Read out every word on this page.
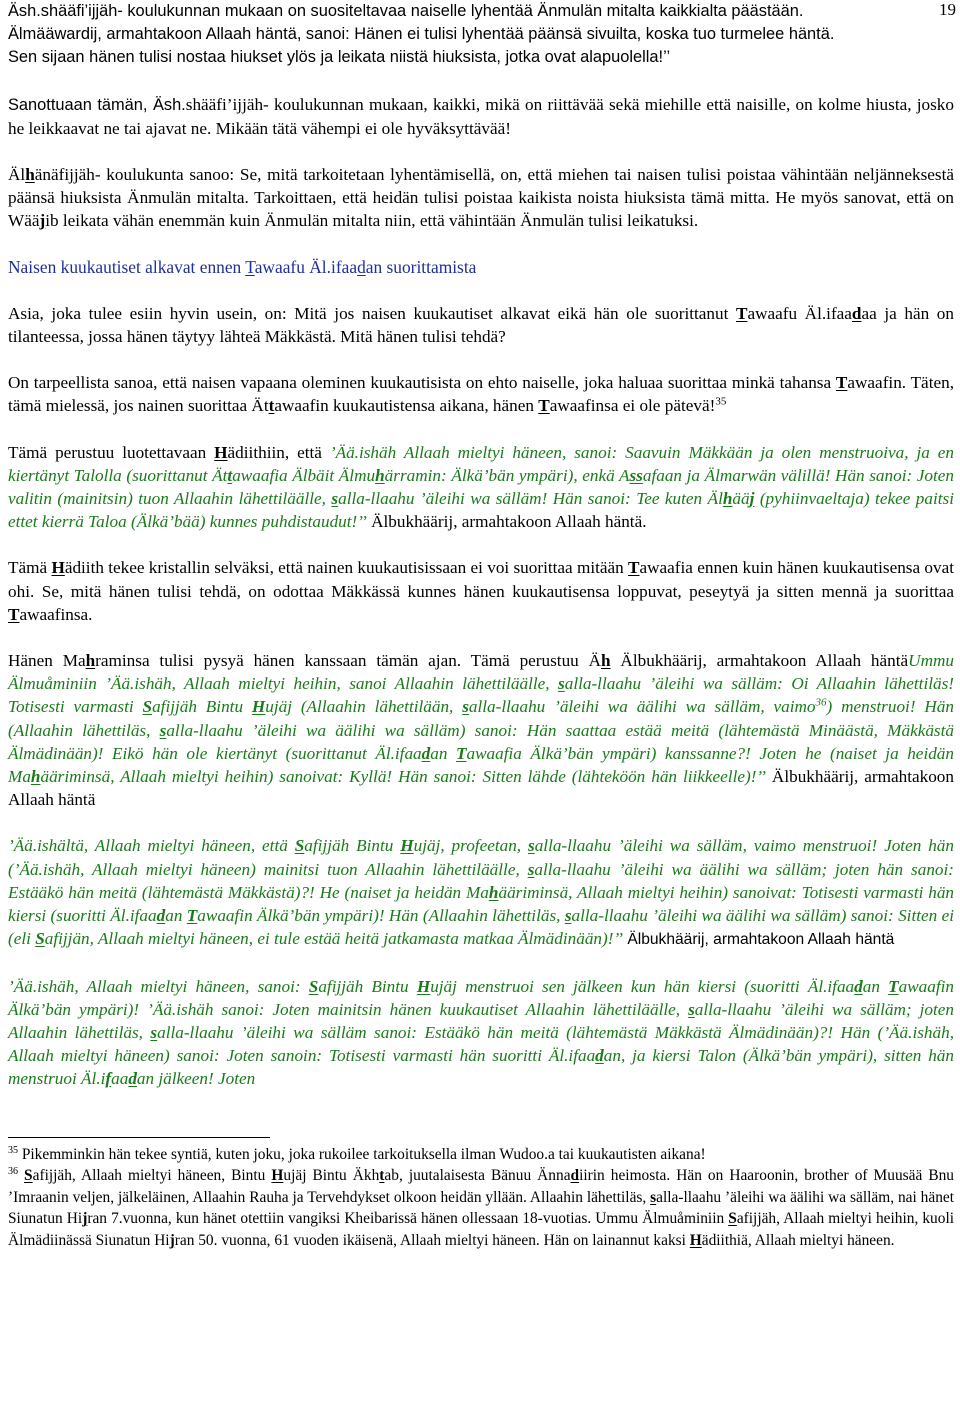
19

Äsh.shääfi’ijjäh- koulukunnan mukaan on suositeltavaa naiselle lyhentää Änmulän mitalta kaikkialta päästään.

Älmääwardij, armahtakoon Allaah häntä, sanoi: Hänen ei tulisi lyhentää päänsä sivuilta, koska tuo turmelee häntä.

Sen sijaan hänen tulisi nostaa hiukset ylös ja leikata niistä hiuksista, jotka ovat alapuolella!’’

Sanottuaan tämän, Äsh.shääfi’ijjäh- koulukunnan mukaan, kaikki, mikä on riittävää sekä miehille että naisille, on kolme hiusta, josko he leikkaavat ne tai ajavat ne. Mikään tätä vähempi ei ole hyväksyttävää!

Älhänäfijjäh- koulukunta sanoo: Se, mitä tarkoitetaan lyhentämisellä, on, että miehen tai naisen tulisi poistaa vähintään neljänneksestä päänsä hiuksista Änmulän mitalta. Tarkoittaen, että heidän tulisi poistaa kaikista noista hiuksista tämä mitta. He myös sanovat, että on Wääjib leikata vähän enemmän kuin Änmulän mitalta niin, että vähintään Änmulän tulisi leikatuksi.

Naisen kuukautiset alkavat ennen Tawaafu Äl.ifaadan suorittamista

Asia, joka tulee esiin hyvin usein, on: Mitä jos naisen kuukautiset alkavat eikä hän ole suorittanut Tawaafu Äl.ifaadaa ja hän on tilanteessa, jossa hänen täytyy lähteä Mäkkästä. Mitä hänen tulisi tehdä?

On tarpeellista sanoa, että naisen vapaana oleminen kuukautisista on ehto naiselle, joka haluaa suorittaa minkä tahansa Tawaafin. Täten, tämä mielessä, jos nainen suorittaa Ättawaafin kuukautistensa aikana, hänen Tawaafinsa ei ole pätevä!$^{35}$

Tämä perustuu luotettavaan Hädiithiin, että ’Ää.ishäh Allaah mieltyi häneen, sanoi: Saavuin Mäkkään ja olen menstruoiva, ja en kiertänyt Talolla (suorittanut Ättawaafia Älbäit Älmuhärramin: Älkä’bän ympäri), enkä Assafaan ja Älmarwän välillä! Hän sanoi: Joten valitin (mainitsin) tuon Allaahin lähettiläälle, salla-llaahu ’äleihi wa sälläm! Hän sanoi: Tee kuten Älhääj (pyhiinvaeltaja) tekee paitsi ettet kierrä Taloa (Älkä’bää) kunnes puhdistaudut!’’ Älbukhäärij, armahtakoon Allaah häntä.

Tämä Hädiith tekee kristallin selväksi, että nainen kuukautisissaan ei voi suorittaa mitään Tawaafia ennen kuin hänen kuukautisensa ovat ohi. Se, mitä hänen tulisi tehdä, on odottaa Mäkkässä kunnes hänen kuukautisensa loppuvat, peseytyä ja sitten mennä ja suorittaa Tawaafinsa.

Hänen Mahraminsa tulisi pysyä hänen kanssaan tämän ajan. Tämä perustuu Äh Älbukhäärij, armahtakoon Allaah häntäUmmu Älmuåminiin ’Ää.ishäh, Allaah mieltyi heihin, sanoi Allaahin lähettiläälle, salla-llaahu ’äleihi wa sälläm: Oi Allaahin lähettiläs! Totisesti varmasti Safijjäh Bintu Hujäj (Allaahin lähettilään, salla-llaahu ’äleihi wa äälihi wa sälläm, vaimo$^{36}$) menstruoi! Hän (Allaahin lähettiläs, salla-llaahu ’äleihi wa äälihi wa sälläm) sanoi: Hän saattaa estää meitä (lähtemästä Minäästä, Mäkkästä Älmädinään)! Eikö hän ole kiertänyt (suorittanut Äl.ifaadan Tawaafia Älkä’bän ympäri) kanssanne?! Joten he (naiset ja heidän Mahääriminsä, Allaah mieltyi heihin) sanoivat: Kyllä! Hän sanoi: Sitten lähde (lähteköön hän liikkeelle)!’’ Älbukhäärij, armahtakoon Allaah häntä

’Ää.ishältä, Allaah mieltyi häneen, että Safijjäh Bintu Hujäj, profeetan, salla-llaahu ’äleihi wa sälläm, vaimo menstruoi! Joten hän (’Ää.ishäh, Allaah mieltyi häneen) mainitsi tuon Allaahin lähettiläälle, salla-llaahu ’äleihi wa äälihi wa sälläm; joten hän sanoi: Estääkö hän meitä (lähtemästä Mäkkästä)?! He (naiset ja heidän Mahääriminsä, Allaah mieltyi heihin) sanoivat: Totisesti varmasti hän kiersi (suoritti Äl.ifaadan Tawaafin Älkä’bän ympäri)! Hän (Allaahin lähettiläs, salla-llaahu ’äleihi wa äälihi wa sälläm) sanoi: Sitten ei (eli Safijjän, Allaah mieltyi häneen, ei tule estää heitä jatkamasta matkaa Älmädinään)!’’ Älbukhäärij, armahtakoon Allaah häntä

’Ää.ishäh, Allaah mieltyi häneen, sanoi: Safijjäh Bintu Hujäj menstruoi sen jälkeen kun hän kiersi (suoritti Äl.ifaadan Tawaafin Älkä’bän ympäri)! ’Ää.ishäh sanoi: Joten mainitsin hänen kuukautiset Allaahin lähettiläälle, salla-llaahu ’äleihi wa sälläm; joten Allaahin lähettiläs, salla-llaahu ’äleihi wa sälläm sanoi: Estääkö hän meitä (lähtemästä Mäkkästä Älmädinään)?! Hän (’Ää.ishäh, Allaah mieltyi häneen) sanoi: Joten sanoin: Totisesti varmasti hän suoritti Äl.ifaadan, ja kiersi Talon (Älkä’bän ympäri), sitten hän menstruoi Äl.ifaadan jälkeen! Joten

$^{35}$ Pikemminkin hän tekee syntiä, kuten joku, joka rukoilee tarkoituksella ilman Wudoo.a tai kuukautisten aikana!

$^{36}$ Safijjäh, Allaah mieltyi häneen, Bintu Hujäj Bintu Äkhtab, juutalaisesta Bänuu Ännadiirin heimosta. Hän on Haaroonin, brother of Muusää Bnu ’Imraanin veljen, jälkeläinen, Allaahin Rauha ja Tervehdykset olkoon heidän yllään. Allaahin lähettiläs, salla-llaahu ’äleihi wa äälihi wa sälläm, nai hänet Siunatun Hijran 7.vuonna, kun hänet otettiin vangiksi Kheibarissä hänen ollessaan 18-vuotias. Ummu Älmuåminiin Safijjäh, Allaah mieltyi heihin, kuoli Älmädiinässä Siunatun Hijran 50. vuonna, 61 vuoden ikäisenä, Allaah mieltyi häneen. Hän on lainannut kaksi Hädiithiä, Allaah mieltyi häneen.
